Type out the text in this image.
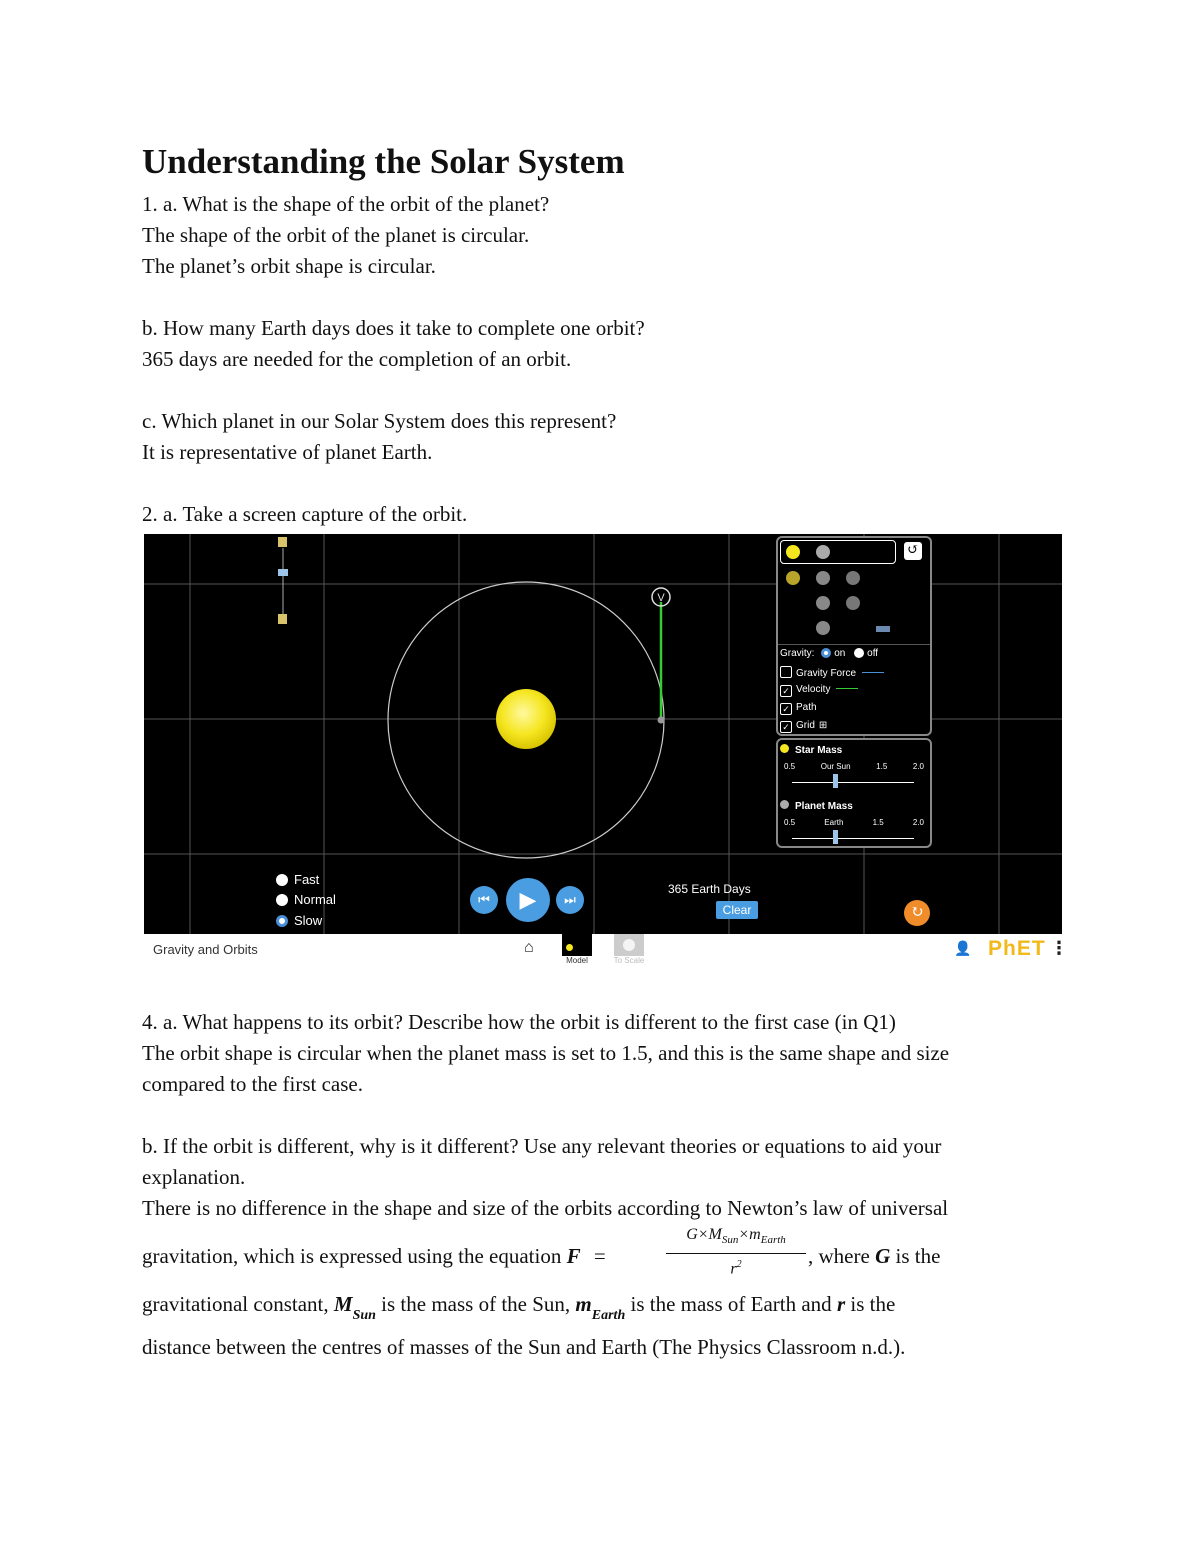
Understanding the Solar System
1. a. What is the shape of the orbit of the planet?
The shape of the orbit of the planet is circular.
The planet’s orbit shape is circular.
b. How many Earth days does it take to complete one orbit?
365 days are needed for the completion of an orbit.
c. Which planet in our Solar System does this represent?
It is representative of planet Earth.
2. a. Take a screen capture of the orbit.
V
↺
Gravity: on off
Gravity Force
✓ Velocity
✓ Path
✓ Grid ⊞
Star Mass
0.5	Our Sun	1.5	2.0
Planet Mass
0.5	Earth	1.5	2.0
Fast
Normal
Slow
⏮	▶	⏭
365 Earth Days
Clear	↻
Gravity and Orbits	⌂
Model	To Scale
👤 PhET ⋮
4. a. What happens to its orbit? Describe how the orbit is different to the first case (in Q1)
The orbit shape is circular when the planet mass is set to 1.5, and this is the same shape and size
compared to the first case.
b. If the orbit is different, why is it different? Use any relevant theories or equations to aid your
explanation.
There is no difference in the shape and size of the orbits according to Newton’s law of universal
gravitation, which is expressed using the equation F =
$G\times M_{Sun}\times m_{Earth}$
$r^2$	, where G is the
gravitational constant, $M_{Sun}$ is the mass of the Sun, $m_{Earth}$ is the mass of Earth and r is the
distance between the centres of masses of the Sun and Earth (The Physics Classroom n.d.).
